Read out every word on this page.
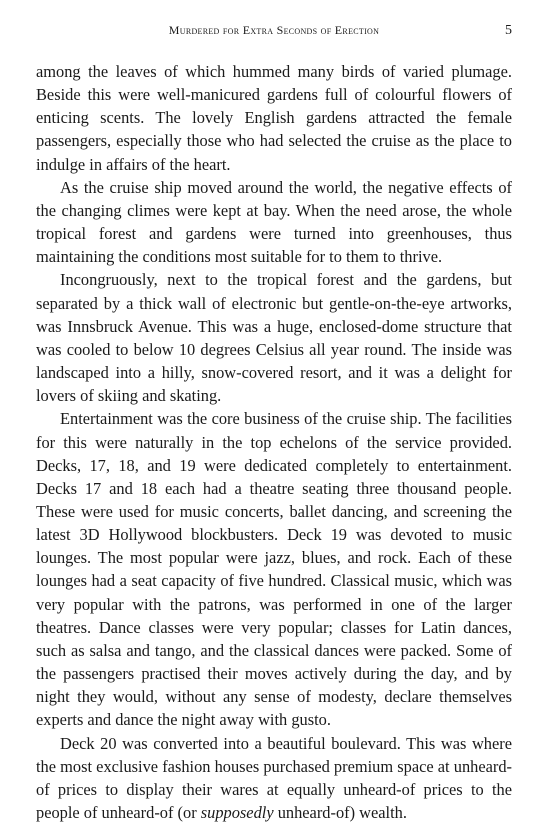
Murdered for Extra Seconds of Erection	5

among the leaves of which hummed many birds of varied plumage. Beside this were well-manicured gardens full of colourful flowers of enticing scents. The lovely English gardens attracted the female passengers, especially those who had selected the cruise as the place to indulge in affairs of the heart.

As the cruise ship moved around the world, the negative effects of the changing climes were kept at bay. When the need arose, the whole tropical forest and gardens were turned into greenhouses, thus maintaining the conditions most suitable for to them to thrive.

Incongruously, next to the tropical forest and the gardens, but separated by a thick wall of electronic but gentle-on-the-eye artworks, was Innsbruck Avenue. This was a huge, enclosed-dome structure that was cooled to below 10 degrees Celsius all year round. The inside was landscaped into a hilly, snow-covered resort, and it was a delight for lovers of skiing and skating.

Entertainment was the core business of the cruise ship. The facilities for this were naturally in the top echelons of the service provided. Decks, 17, 18, and 19 were dedicated completely to entertainment. Decks 17 and 18 each had a theatre seating three thousand people. These were used for music concerts, ballet dancing, and screening the latest 3D Hollywood blockbusters. Deck 19 was devoted to music lounges. The most popular were jazz, blues, and rock. Each of these lounges had a seat capacity of five hundred. Classical music, which was very popular with the patrons, was performed in one of the larger theatres. Dance classes were very popular; classes for Latin dances, such as salsa and tango, and the classical dances were packed. Some of the passengers practised their moves actively during the day, and by night they would, without any sense of modesty, declare themselves experts and dance the night away with gusto.

Deck 20 was converted into a beautiful boulevard. This was where the most exclusive fashion houses purchased premium space at unheard-of prices to display their wares at equally unheard-of prices to the people of unheard-of (or supposedly unheard-of) wealth.
